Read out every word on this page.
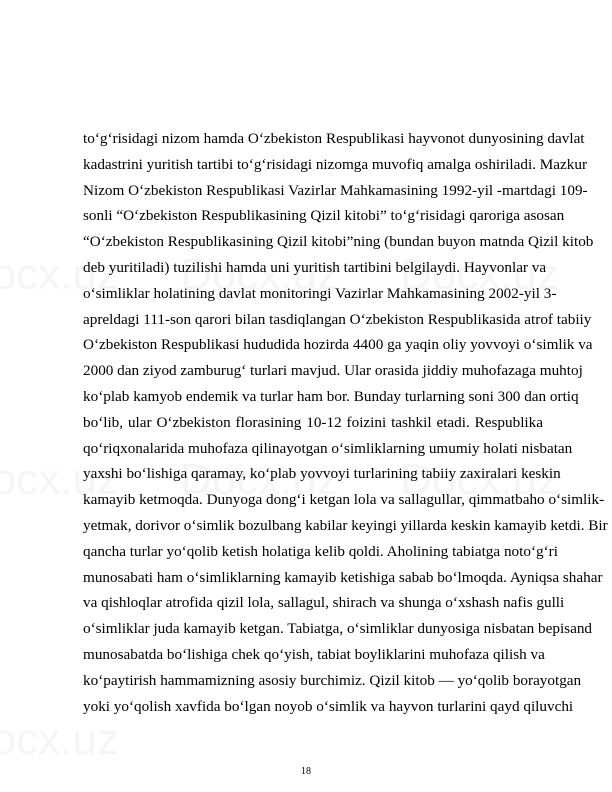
to‘g‘risidagi nizom hamda O‘zbekiston Respublikasi hayvonot dunyosining davlat
kadastrini yuritish tartibi to‘g‘risidagi nizomga muvofiq amalga oshiriladi. Mazkur
Nizom O‘zbekiston Respublikasi Vazirlar Mahkamasining 1992-yil -martdagi 109-
sonli “O‘zbekiston Respublikasining Qizil kitobi” to‘g‘risidagi qaroriga asosan
“O‘zbekiston Respublikasining Qizil kitobi”ning (bundan buyon matnda Qizil kitob
deb yuritiladi) tuzilishi hamda uni yuritish tartibini belgilaydi. Hayvonlar va
o‘simliklar holatining davlat monitoringi Vazirlar Mahkamasining 2002-yil 3-
apreldagi 111-son qarori bilan tasdiqlangan O‘zbekiston Respublikasida atrof tabiiy
O‘zbekiston Respublikasi hududida hozirda 4400 ga yaqin oliy yovvoyi o‘simlik va
2000 dan ziyod zamburug‘ turlari mavjud. Ular orasida jiddiy muhofazaga muhtoj
ko‘plab kamyob endemik va turlar ham bor. Bunday turlarning soni 300 dan ortiq
bo‘lib, ular O‘zbekiston florasining 10-12 foizini tashkil etadi. Respublika
qo‘riqxonalarida muhofaza qilinayotgan o‘simliklarning umumiy holati nisbatan
yaxshi bo‘lishiga qaramay, ko‘plab yovvoyi turlarining tabiiy zaxiralari keskin
kamayib ketmoqda. Dunyoga dong‘i ketgan lola va sallagullar, qimmatbaho o‘simlik-
yetmak, dorivor o‘simlik bozulbang kabilar keyingi yillarda keskin kamayib ketdi. Bir
qancha turlar yo‘qolib ketish holatiga kelib qoldi. Aholining tabiatga noto‘g‘ri
munosabati ham o‘simliklarning kamayib ketishiga sabab bo‘lmoqda. Ayniqsa shahar
va qishloqlar atrofida qizil lola, sallagul, shirach va shunga o‘xshash nafis gulli
o‘simliklar juda kamayib ketgan. Tabiatga, o‘simliklar dunyosiga nisbatan bepisand
munosabatda bo‘lishiga chek qo‘yish, tabiat boyliklarini muhofaza qilish va
ko‘paytirish hammamizning asosiy burchimiz. Qizil kitob — yo‘qolib borayotgan
yoki yo‘qolish xavfida bo‘lgan noyob o‘simlik va hayvon turlarini qayd qiluvchi
18
